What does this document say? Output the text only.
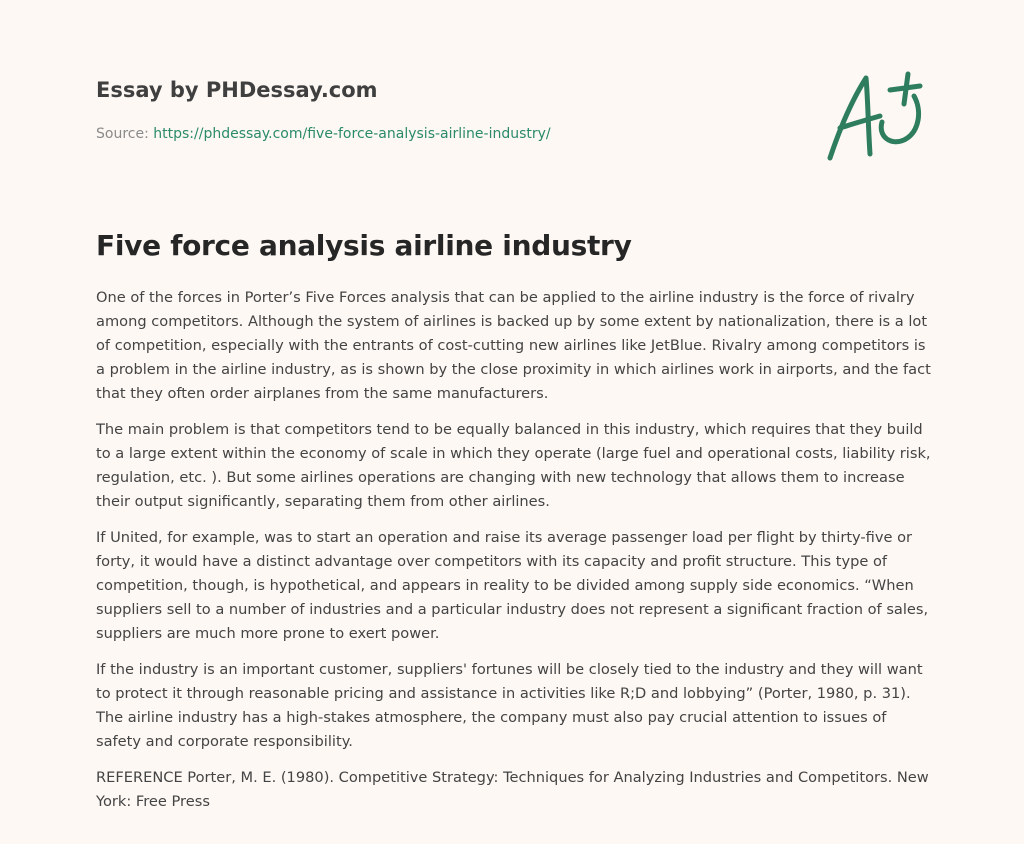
Essay by PHDessay.com
Source: https://phdessay.com/five-force-analysis-airline-industry/
Five force analysis airline industry

One of the forces in Porter’s Five Forces analysis that can be applied to the airline industry is the force of rivalry among competitors. Although the system of airlines is backed up by some extent by nationalization, there is a lot of competition, especially with the entrants of cost-cutting new airlines like JetBlue. Rivalry among competitors is a problem in the airline industry, as is shown by the close proximity in which airlines work in airports, and the fact that they often order airplanes from the same manufacturers.

The main problem is that competitors tend to be equally balanced in this industry, which requires that they build to a large extent within the economy of scale in which they operate (large fuel and operational costs, liability risk, regulation, etc. ). But some airlines operations are changing with new technology that allows them to increase their output significantly, separating them from other airlines.

If United, for example, was to start an operation and raise its average passenger load per flight by thirty-five or forty, it would have a distinct advantage over competitors with its capacity and profit structure. This type of competition, though, is hypothetical, and appears in reality to be divided among supply side economics. “When suppliers sell to a number of industries and a particular industry does not represent a significant fraction of sales, suppliers are much more prone to exert power.

If the industry is an important customer, suppliers' fortunes will be closely tied to the industry and they will want to protect it through reasonable pricing and assistance in activities like R;D and lobbying” (Porter, 1980, p. 31). The airline industry has a high-stakes atmosphere, the company must also pay crucial attention to issues of safety and corporate responsibility.

REFERENCE Porter, M. E. (1980). Competitive Strategy: Techniques for Analyzing Industries and Competitors. New York: Free Press
